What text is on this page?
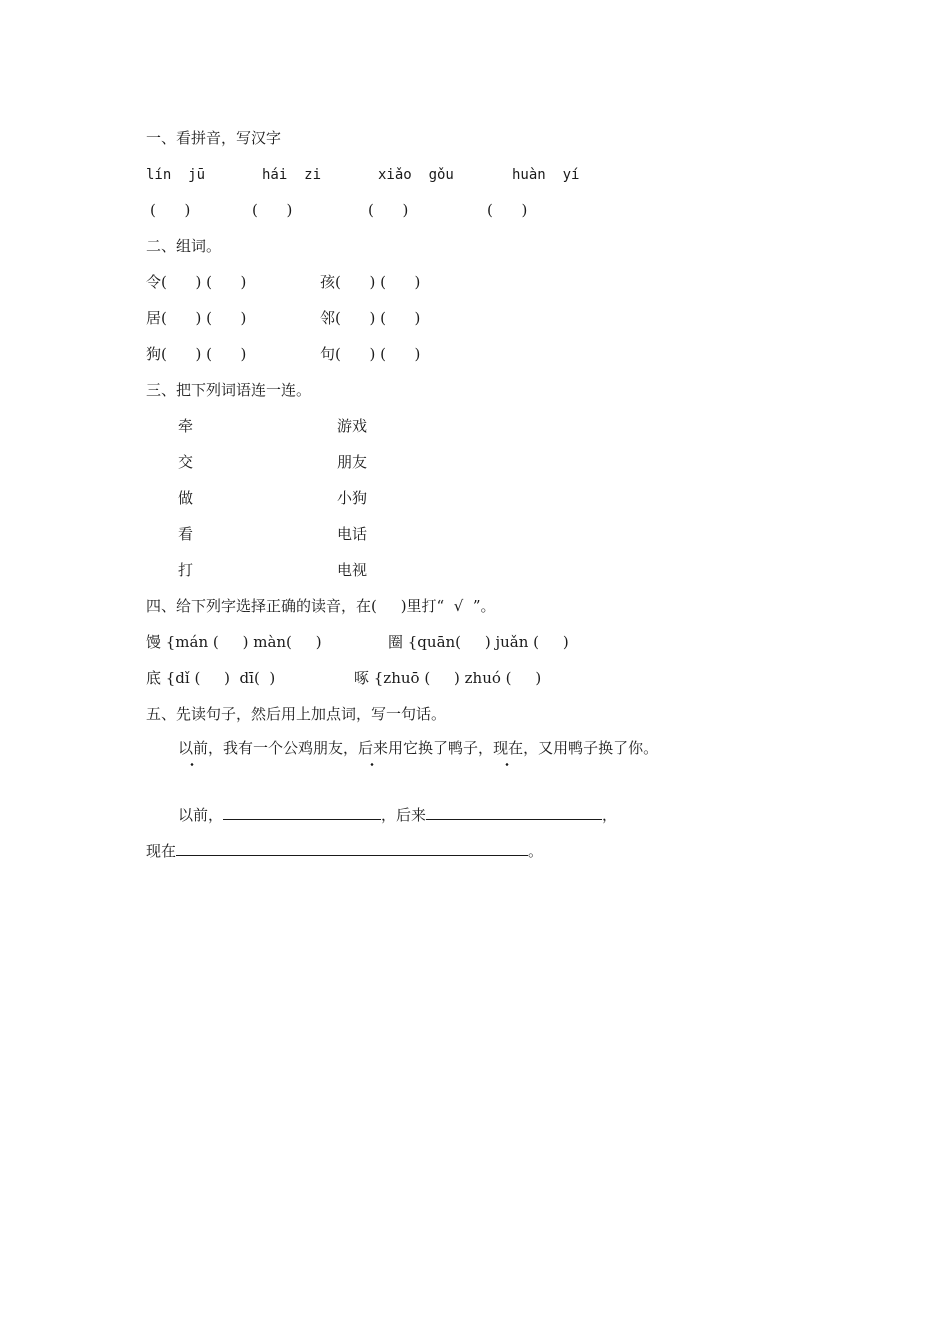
一、看拼音，写汉字
lín  jū	hái  zi	xiǎo  gǒu	huàn  yí
(      )	(      )	(      )	(      )
二、组词。
令(      ) (      )	孩(      ) (      )
居(      ) (      )	邻(      ) (      )
狗(      ) (      )	句(      ) (      )
三、把下列词语连一连。
牵	游戏
交	朋友
做	小狗
看	电话
打	电视
四、给下列字选择正确的读音，在(     )里打“  √  ”。
馒 {mán (     ) màn(     )	圈 {quān(     ) juǎn (     )
底 {dǐ (     )  dī(  )	啄 {zhuō (     ) zhuó (     )
五、先读句子，然后用上加点词，写一句话。
以前，我有一个公鸡朋友，后来用它换了鸭子，现在，又用鸭子换了你。
以前，	，后来	，
现在	。
